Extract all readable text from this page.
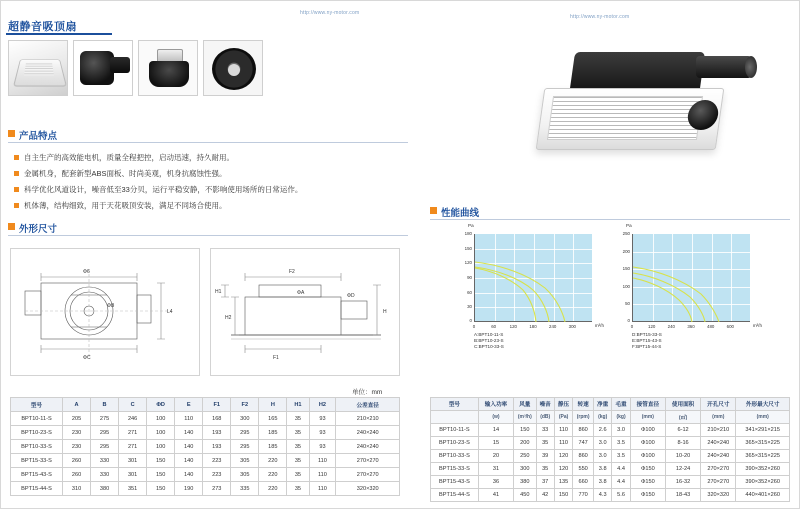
http://www.ny-motor.com
http://www.ny-motor.com
超静音吸顶扇
产品特点
自主生产的高效能电机，质量全程把控，启动迅速，持久耐用。
金属机身，配套新型ABS面板、时尚美观，机身抗腐蚀性强。
科学优化风道设计，噪音低至33分贝，运行平稳安静，不影响使用场所的日常运作。
机体薄，结构细致，用于天花吸顶安装，满足不同场合使用。
外形尺寸
Φ6
L4
ΦC
ΦB
F2
ΦA
H
ΦD
H2
H1
F1
单位：mm
型号	A	B	C	ΦD	E	F1	F2	H	H1	H2	公差直径
BPT10-11-S	205	275	246	100	110	168	300	165	35	93	210×210
BPT10-23-S	230	295	271	100	140	193	295	185	35	93	240×240
BPT10-33-S	230	295	271	100	140	193	295	185	35	93	240×240
BPT15-33-S	260	330	301	150	140	223	305	220	35	110	270×270
BPT15-43-S	260	330	301	150	140	223	305	220	35	110	270×270
BPT15-44-S	310	380	351	150	190	273	335	220	35	110	320×320
性能曲线
Pa
180
150
120
90
60
30
0
0	60	120	180	240	300	m³/h
A:BPT10-11-S
B:BPT10-23-S
C:BPT10-33-S
Pa
250
200
150
100
50
0
0	120	240	360	480	600	m³/h
D:BPT15-33-S
E:BPT15-43-S
F:BPT15-44-S
型号	输入功率	风量	噪音	静压	转速	净重	毛重	接管直径	使用面积	开孔尺寸	外形最大尺寸
	(w)	(m³/h)	(dB)	(Pa)	(rpm)	(kg)	(kg)	(mm)	(㎡)	(mm)	(mm)
BPT10-11-S	14	150	33	110	860	2.6	3.0	Φ100	6-12	210×210	341×291×215
BPT10-23-S	15	200	35	110	747	3.0	3.5	Φ100	8-16	240×240	365×315×225
BPT10-33-S	20	250	39	120	860	3.0	3.5	Φ100	10-20	240×240	365×315×225
BPT15-33-S	31	300	35	120	550	3.8	4.4	Φ150	12-24	270×270	390×352×260
BPT15-43-S	36	380	37	135	660	3.8	4.4	Φ150	16-32	270×270	390×352×260
BPT15-44-S	41	450	42	150	770	4.3	5.6	Φ150	18-43	320×320	440×401×260
